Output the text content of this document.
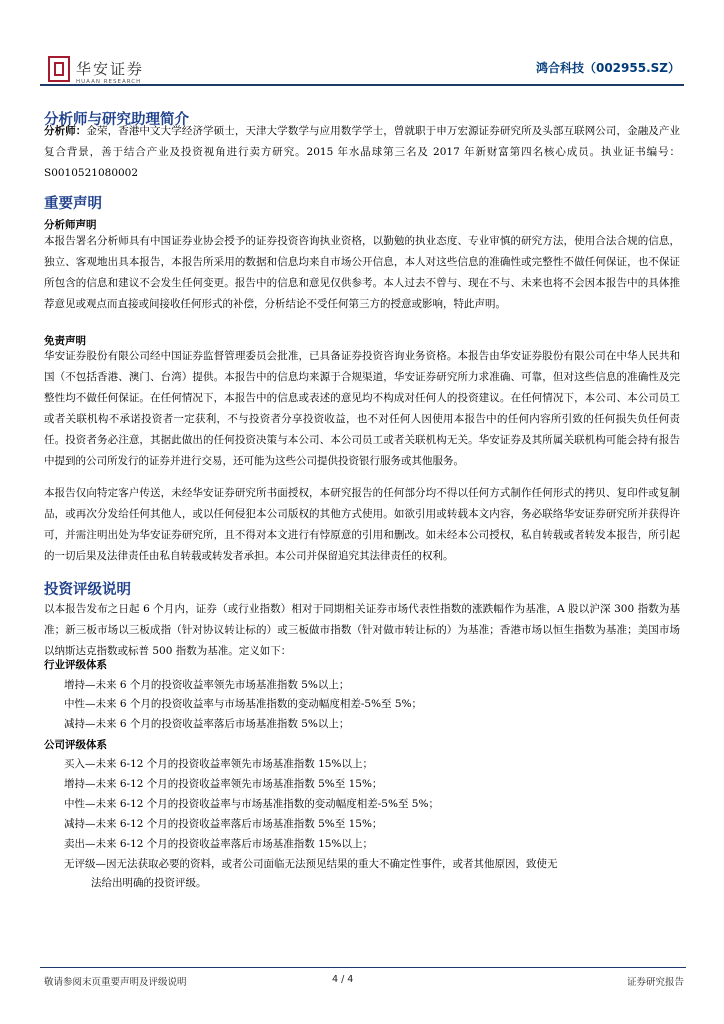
华安证券
HUAAN RESEARCH
鸿合科技（002955.SZ）
分析师与研究助理简介

分析师：金荣，香港中文大学经济学硕士，天津大学数学与应用数学学士，曾就职于申万宏源证券研究所及头部互联网公司，金融及产业复合背景，善于结合产业及投资视角进行卖方研究。2015 年水晶球第三名及 2017 年新财富第四名核心成员。执业证书编号：S0010521080002

重要声明
分析师声明

本报告署名分析师具有中国证券业协会授予的证券投资咨询执业资格，以勤勉的执业态度、专业审慎的研究方法，使用合法合规的信息，独立、客观地出具本报告，本报告所采用的数据和信息均来自市场公开信息，本人对这些信息的准确性或完整性不做任何保证，也不保证所包含的信息和建议不会发生任何变更。报告中的信息和意见仅供参考。本人过去不曾与、现在不与、未来也将不会因本报告中的具体推荐意见或观点而直接或间接收任何形式的补偿，分析结论不受任何第三方的授意或影响，特此声明。

免责声明

华安证券股份有限公司经中国证券监督管理委员会批准，已具备证券投资咨询业务资格。本报告由华安证券股份有限公司在中华人民共和国（不包括香港、澳门、台湾）提供。本报告中的信息均来源于合规渠道，华安证券研究所力求准确、可靠，但对这些信息的准确性及完整性均不做任何保证。在任何情况下，本报告中的信息或表述的意见均不构成对任何人的投资建议。在任何情况下，本公司、本公司员工或者关联机构不承诺投资者一定获利，不与投资者分享投资收益，也不对任何人因使用本报告中的任何内容所引致的任何损失负任何责任。投资者务必注意，其据此做出的任何投资决策与本公司、本公司员工或者关联机构无关。华安证券及其所属关联机构可能会持有报告中提到的公司所发行的证券并进行交易，还可能为这些公司提供投资银行服务或其他服务。

本报告仅向特定客户传送，未经华安证券研究所书面授权，本研究报告的任何部分均不得以任何方式制作任何形式的拷贝、复印件或复制品，或再次分发给任何其他人，或以任何侵犯本公司版权的其他方式使用。如欲引用或转载本文内容，务必联络华安证券研究所并获得许可，并需注明出处为华安证券研究所，且不得对本文进行有悖原意的引用和删改。如未经本公司授权，私自转载或者转发本报告，所引起的一切后果及法律责任由私自转载或转发者承担。本公司并保留追究其法律责任的权利。

投资评级说明

以本报告发布之日起 6 个月内，证券（或行业指数）相对于同期相关证券市场代表性指数的涨跌幅作为基准，A 股以沪深 300 指数为基准；新三板市场以三板成指（针对协议转让标的）或三板做市指数（针对做市转让标的）为基准；香港市场以恒生指数为基准；美国市场以纳斯达克指数或标普 500 指数为基准。定义如下：

行业评级体系
增持—未来 6 个月的投资收益率领先市场基准指数 5%以上；
中性—未来 6 个月的投资收益率与市场基准指数的变动幅度相差-5%至 5%；
减持—未来 6 个月的投资收益率落后市场基准指数 5%以上；
公司评级体系
买入—未来 6-12 个月的投资收益率领先市场基准指数 15%以上；
增持—未来 6-12 个月的投资收益率领先市场基准指数 5%至 15%；
中性—未来 6-12 个月的投资收益率与市场基准指数的变动幅度相差-5%至 5%；
减持—未来 6-12 个月的投资收益率落后市场基准指数 5%至 15%；
卖出—未来 6-12 个月的投资收益率落后市场基准指数 15%以上；
无评级—因无法获取必要的资料，或者公司面临无法预见结果的重大不确定性事件，或者其他原因，致使无
法给出明确的投资评级。
敬请参阅末页重要声明及评级说明	4 / 4	证券研究报告
